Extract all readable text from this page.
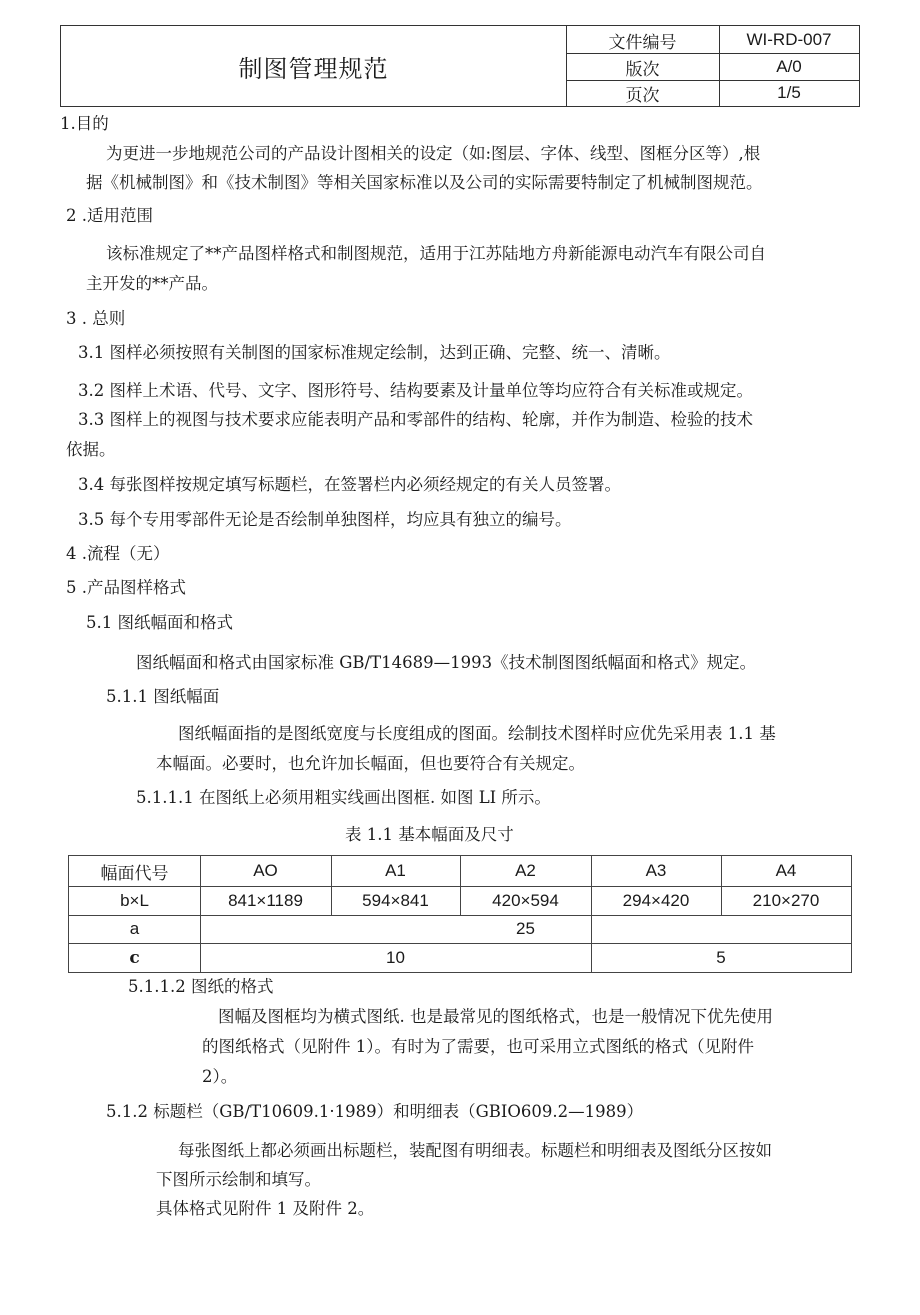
制图管理规范
文件编号	WI-RD-007
版次	A/0
页次	1/5
1.目的
为更进一步地规范公司的产品设计图相关的设定（如:图层、字体、线型、图框分区等）,根
据《机械制图》和《技术制图》等相关国家标准以及公司的实际需要特制定了机械制图规范。
2 .适用范围
该标准规定了**产品图样格式和制图规范，适用于江苏陆地方舟新能源电动汽车有限公司自
主开发的**产品。
3 . 总则
3.1 图样必须按照有关制图的国家标准规定绘制，达到正确、完整、统一、清晰。
3.2 图样上术语、代号、文字、图形符号、结构要素及计量单位等均应符合有关标准或规定。
3.3 图样上的视图与技术要求应能表明产品和零部件的结构、轮廓，并作为制造、检验的技术
依据。
3.4 每张图样按规定填写标题栏，在签署栏内必须经规定的有关人员签署。
3.5 每个专用零部件无论是否绘制单独图样，均应具有独立的编号。
4 .流程（无）
5 .产品图样格式
5.1 图纸幅面和格式
图纸幅面和格式由国家标准 GB/T14689—1993《技术制图图纸幅面和格式》规定。
5.1.1 图纸幅面
图纸幅面指的是图纸宽度与长度组成的图面。绘制技术图样时应优先采用表 1.1 基
本幅面。必要时，也允许加长幅面，但也要符合有关规定。
5.1.1.1 在图纸上必须用粗实线画出图框. 如图 LI 所示。
表 1.1 基本幅面及尺寸
幅面代号	AO	A1	A2	A3	A4
b×L	841×1189	594×841	420×594	294×420	210×270
a	25
c	10	5
5.1.1.2 图纸的格式
图幅及图框均为横式图纸. 也是最常见的图纸格式，也是一般情况下优先使用
的图纸格式（见附件 1）。有时为了需要，也可采用立式图纸的格式（见附件
2）。
5.1.2 标题栏（GB∕T10609.1·1989）和明细表（GBIO609.2—1989）
每张图纸上都必须画出标题栏，装配图有明细表。标题栏和明细表及图纸分区按如
下图所示绘制和填写。
具体格式见附件 1 及附件 2。
